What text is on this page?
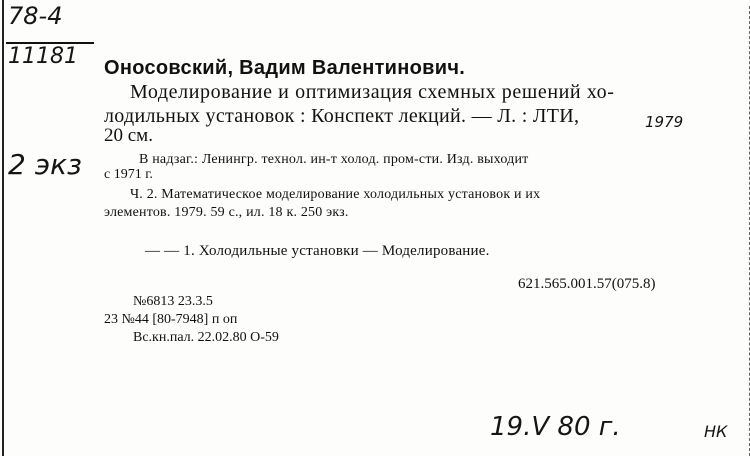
78-4
11181
2 экз
Оносовский, Вадим Валентинович.
Моделирование и оптимизация схемных решений хо-
лодильных установок : Конспект лекций. — Л. : ЛТИ,	1979
20 см.
В надзаг.: Ленингр. технол. ин-т холод. пром-сти. Изд. выходит
с 1971 г.
Ч. 2. Математическое моделирование холодильных установок и их
элементов. 1979. 59 с., ил. 18 к. 250 экз.
— — 1. Холодильные установки — Моделирование.
621.565.001.57(075.8)
№6813 23.3.5
23 №44 [80-7948] п оп
Вс.кн.пал. 22.02.80 О-59
19.V 80 г.	НК
